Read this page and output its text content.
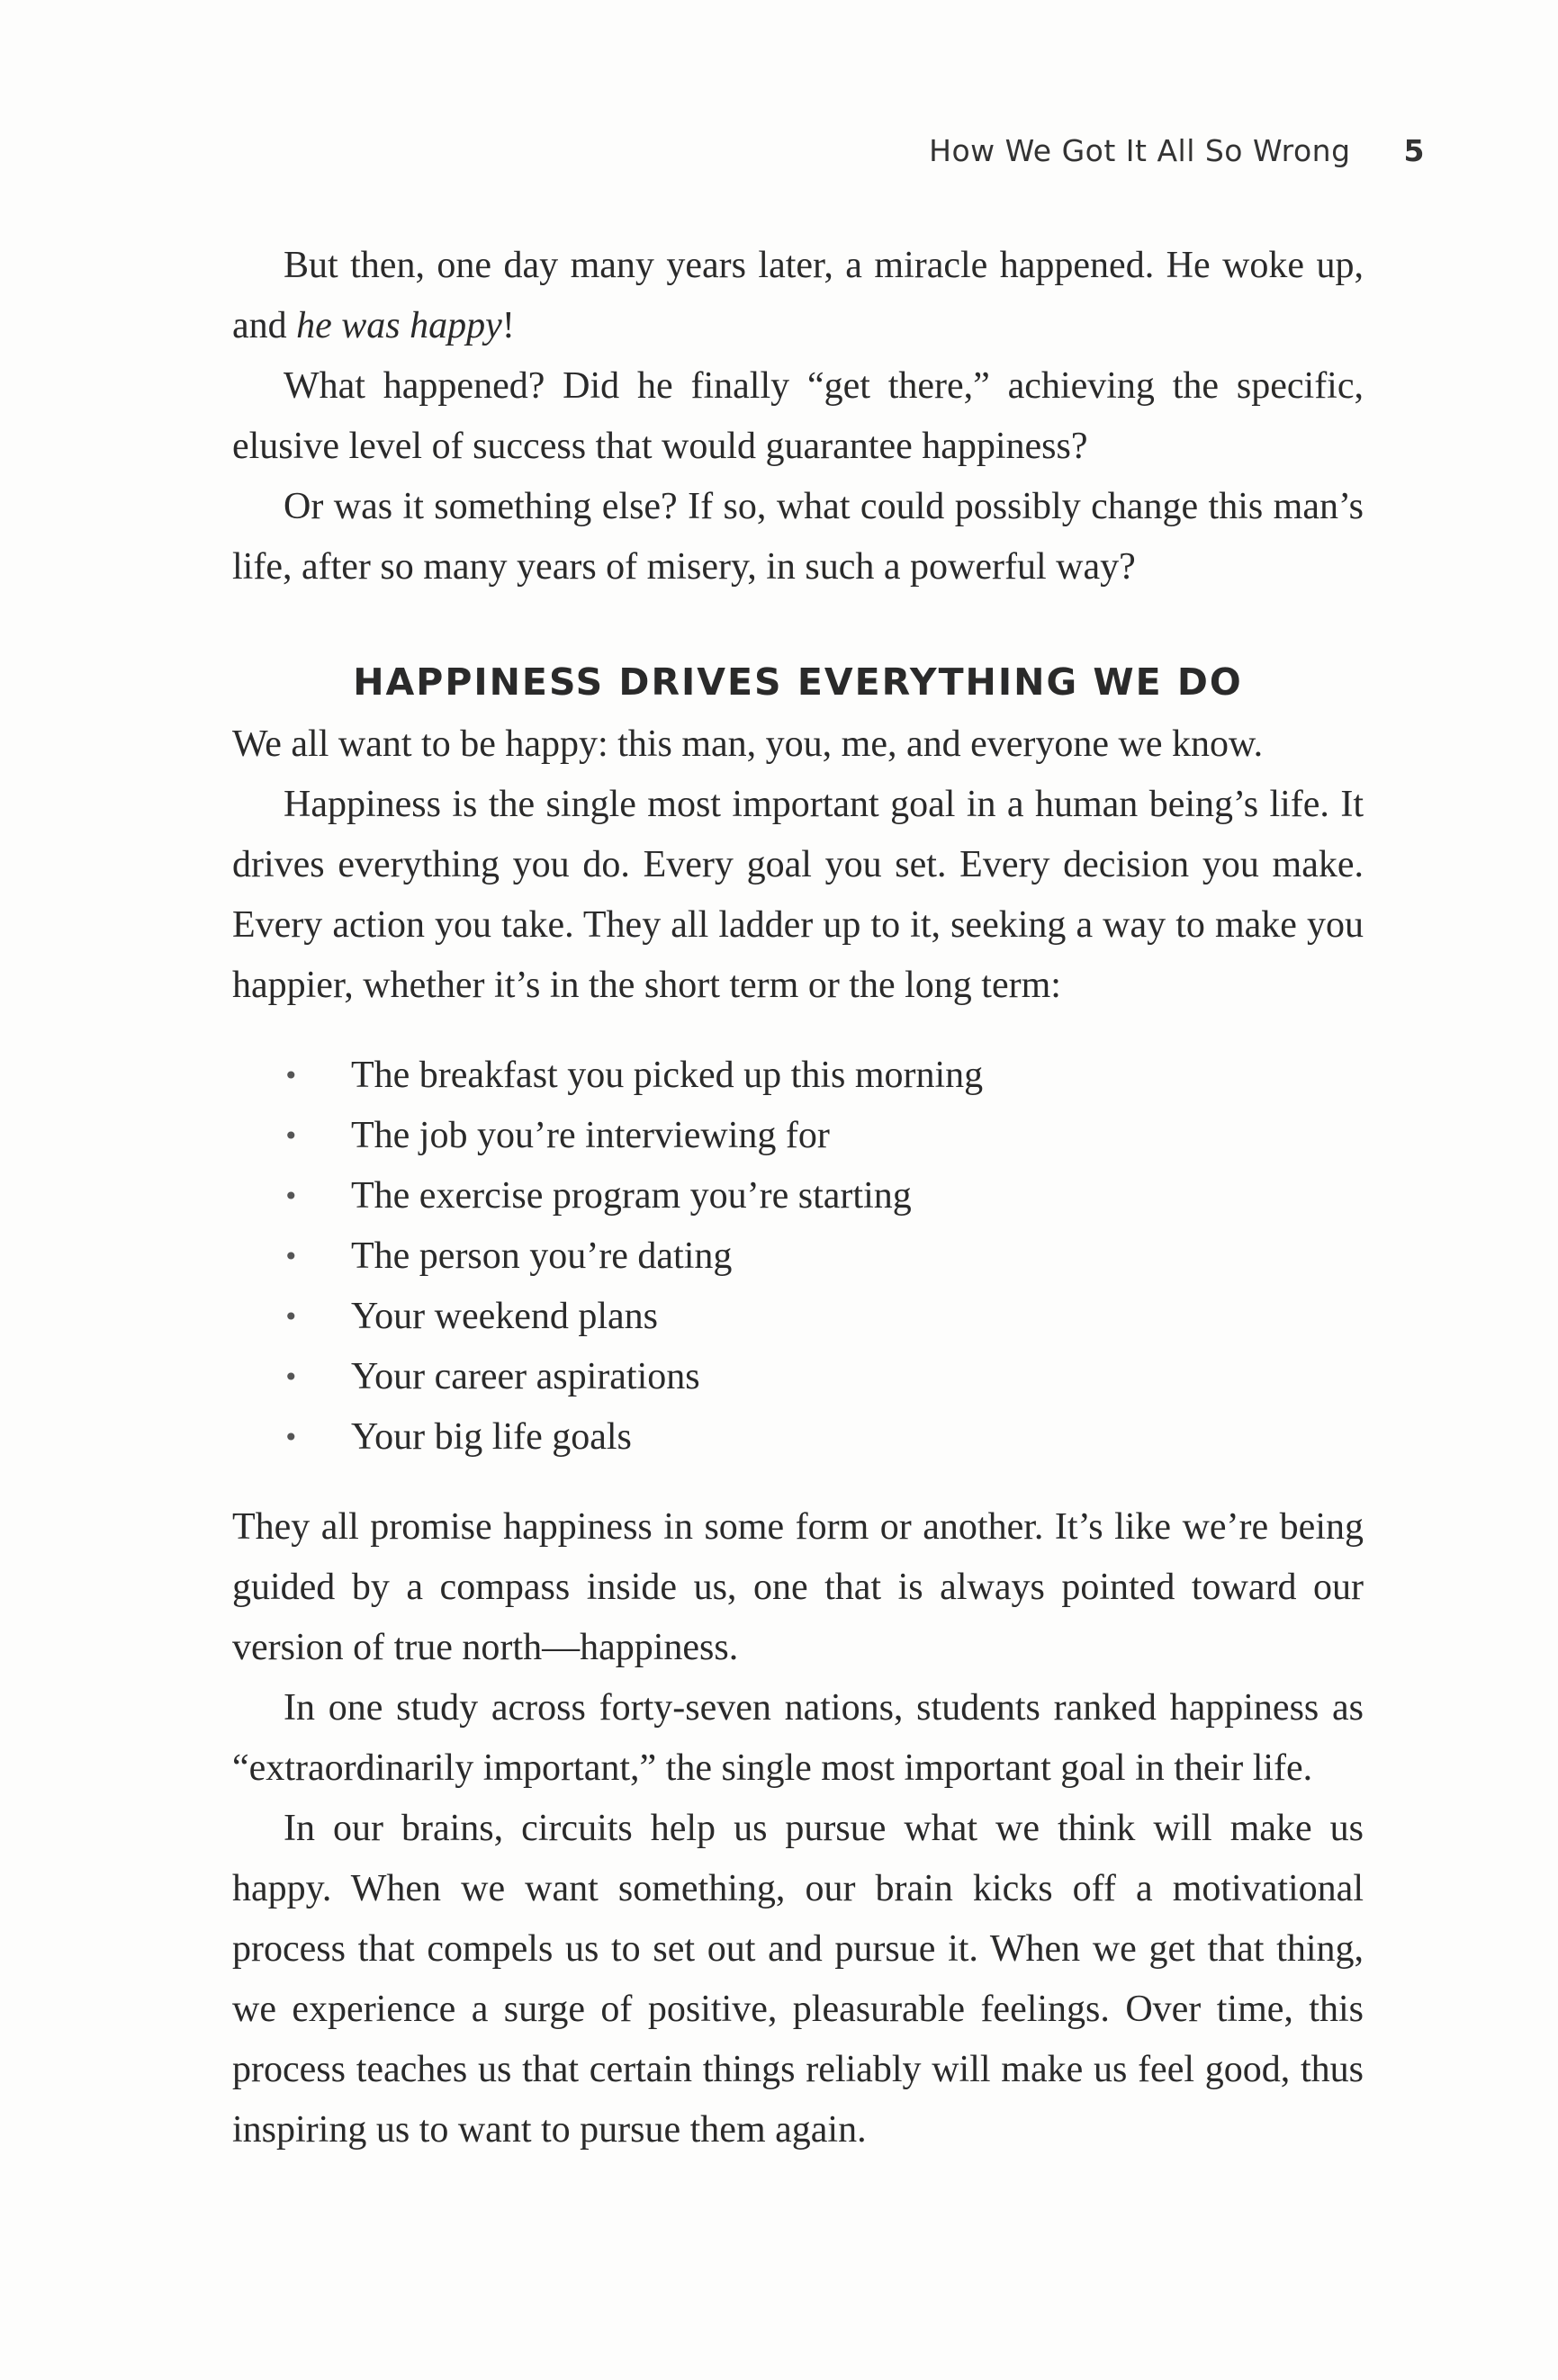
How We Got It All So Wrong 5

But then, one day many years later, a miracle happened. He woke up, and he was happy!

What happened? Did he finally “get there,” achieving the specific, elusive level of success that would guarantee happiness?

Or was it something else? If so, what could possibly change this man’s life, after so many years of misery, in such a powerful way?

HAPPINESS DRIVES EVERYTHING WE DO

We all want to be happy: this man, you, me, and everyone we know.

Happiness is the single most important goal in a human being’s life. It drives everything you do. Every goal you set. Every decision you make. Every action you take. They all ladder up to it, seeking a way to make you happier, whether it’s in the short term or the long term:

• The breakfast you picked up this morning
• The job you’re interviewing for
• The exercise program you’re starting
• The person you’re dating
• Your weekend plans
• Your career aspirations
• Your big life goals

They all promise happiness in some form or another. It’s like we’re being guided by a compass inside us, one that is always pointed toward our version of true north—happiness.

In one study across forty-seven nations, students ranked happiness as “extraordinarily important,” the single most important goal in their life.

In our brains, circuits help us pursue what we think will make us happy. When we want something, our brain kicks off a motivational process that compels us to set out and pursue it. When we get that thing, we experience a surge of positive, pleasurable feelings. Over time, this process teaches us that certain things reliably will make us feel good, thus inspiring us to want to pursue them again.
